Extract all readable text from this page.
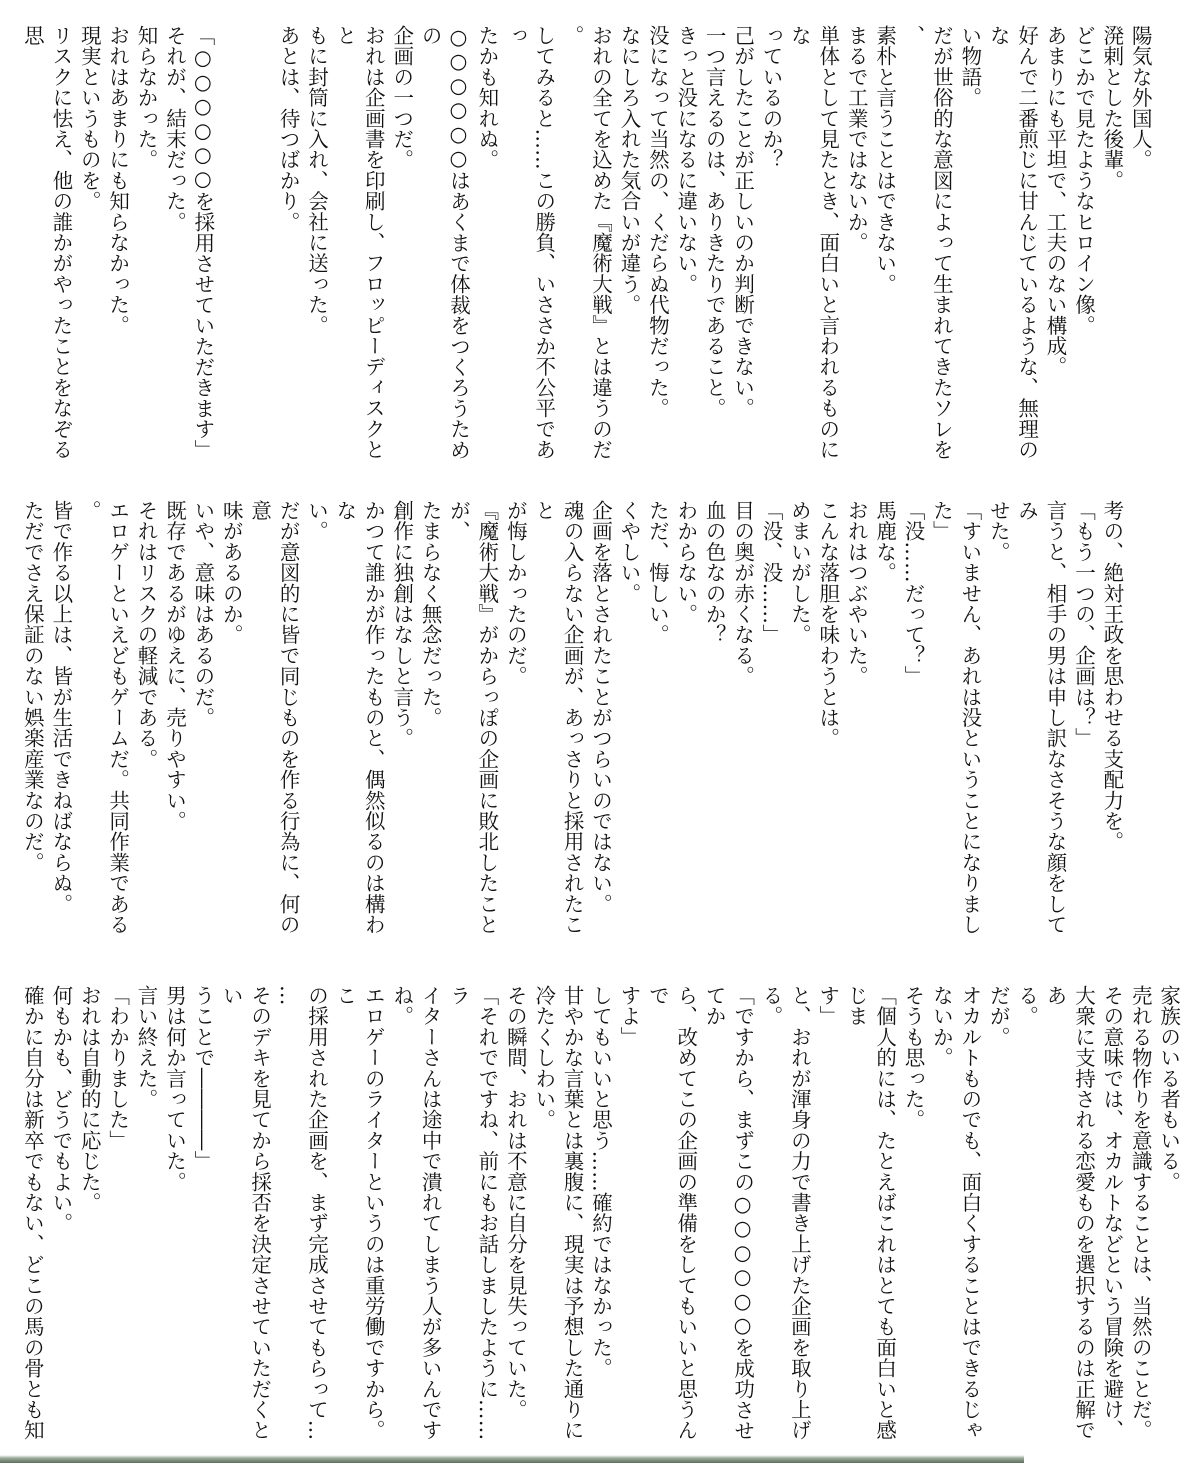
陽気な外国人。
溌剌とした後輩。
どこかで見たようなヒロイン像。
あまりにも平坦で、工夫のない構成。
好んで二番煎じに甘んじているような、無理のな
い物語。
だが世俗的な意図によって生まれてきたソレを、
素朴と言うことはできない。
まるで工業ではないか。
単体として見たとき、面白いと言われるものにな
っているのか？
己がしたことが正しいのか判断できない。
一つ言えるのは、ありきたりであること。
きっと没になるに違いない。
没になって当然の、くだらぬ代物だった。
なにしろ入れた気合いが違う。
おれの全てを込めた『魔術大戦』とは違うのだ。
してみると……この勝負、いささか不公平であっ
たかも知れぬ。
○○○○○○はあくまで体裁をつくろうための
企画の一つだ。
おれは企画書を印刷し、フロッピーディスクとと
もに封筒に入れ、会社に送った。
あとは、待つばかり。

「○○○○○○を採用させていただきます」
それが、結末だった。
知らなかった。
おれはあまりにも知らなかった。
現実というものを。
リスクに怯え、他の誰かがやったことをなぞる思
考の、絶対王政を思わせる支配力を。
「もう一つの、企画は？」
言うと、相手の男は申し訳なさそうな顔をしてみ
せた。
「すいません、あれは没ということになりました」
「没……だって？」
馬鹿な。
おれはつぶやいた。
こんな落胆を味わうとは。
めまいがした。
「没、没……」
目の奥が赤くなる。
血の色なのか？
わからない。
ただ、悔しい。
くやしい。
企画を落とされたことがつらいのではない。
魂の入らない企画が、あっさりと採用されたこと
が悔しかったのだ。
『魔術大戦』がからっぽの企画に敗北したことが、
たまらなく無念だった。
創作に独創はなしと言う。
かつて誰かが作ったものと、偶然似るのは構わな
い。
だが意図的に皆で同じものを作る行為に、何の意
味があるのか。
いや、意味はあるのだ。
既存であるがゆえに、売りやすい。
それはリスクの軽減である。
エロゲーといえどもゲームだ。共同作業である。
皆で作る以上は、皆が生活できねばならぬ。
ただでさえ保証のない娯楽産業なのだ。
家族のいる者もいる。
売れる物作りを意識することは、当然のことだ。
その意味では、オカルトなどという冒険を避け、
大衆に支持される恋愛ものを選択するのは正解であ
る。
だが。
オカルトものでも、面白くすることはできるじゃ
ないか。
そうも思った。
「個人的には、たとえばこれはとても面白いと感じま
す」
と、おれが渾身の力で書き上げた企画を取り上げ
る。
「ですから、まずこの○○○○○○を成功させてか
ら、改めてこの企画の準備をしてもいいと思うんで
すよ」
してもいいと思う……確約ではなかった。
甘やかな言葉とは裏腹に、現実は予想した通りに
冷たくしわい。
その瞬間、おれは不意に自分を見失っていた。
「それでですね、前にもお話しましたように……ラ
イターさんは途中で潰れてしまう人が多いんですね。
エロゲーのライターというのは重労働ですから。こ
の採用された企画を、まず完成させてもらって……
そのデキを見てから採否を決定させていただくとい
うことで――――」
男は何か言っていた。
言い終えた。
「わかりました」
おれは自動的に応じた。
何もかも、どうでもよい。
確かに自分は新卒でもない、どこの馬の骨とも知
